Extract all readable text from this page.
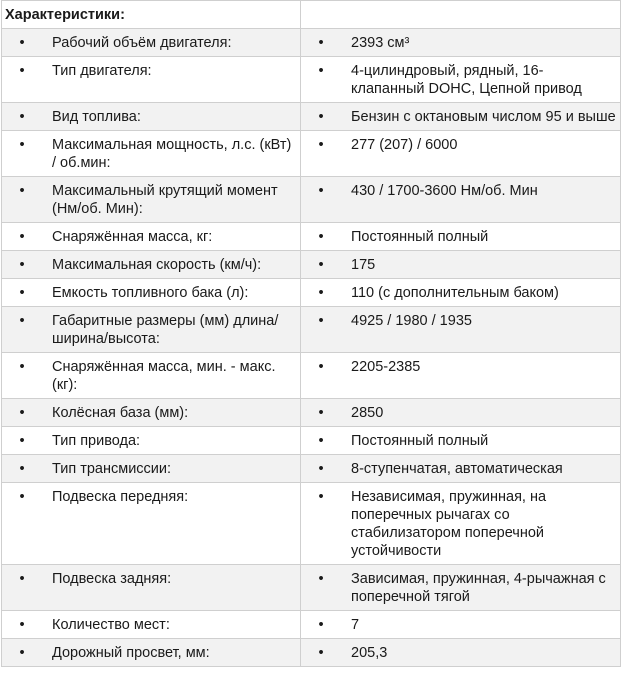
Характеристики:	

• Рабочий объём двигателя:	• 2393 см³

• Тип двигателя:	• 4-цилиндровый, рядный, 16-клапанный DOHC, Цепной привод

• Вид топлива:	• Бензин с октановым числом 95 и выше

• Максимальная мощность, л.с. (кВт) / об.мин:	• 277 (207) / 6000

• Максимальный крутящий момент (Нм/об. Мин):	• 430 / 1700-3600 Нм/об. Мин

• Снаряжённая масса, кг:	• Постоянный полный

• Максимальная скорость (км/ч):	• 175

• Емкость топливного бака (л):	• 110 (с дополнительным баком)

• Габаритные размеры (мм) длина/ширина/высота:	• 4925 / 1980 / 1935

• Снаряжённая масса, мин. - макс. (кг):	• 2205-2385

• Колёсная база (мм):	• 2850

• Тип привода:	• Постоянный полный

• Тип трансмиссии:	• 8-ступенчатая, автоматическая

• Подвеска передняя:	• Независимая, пружинная, на поперечных рычагах со стабилизатором поперечной устойчивости

• Подвеска задняя:	• Зависимая, пружинная, 4-рычажная с поперечной тягой

• Количество мест:	• 7

• Дорожный просвет, мм:	• 205,3
